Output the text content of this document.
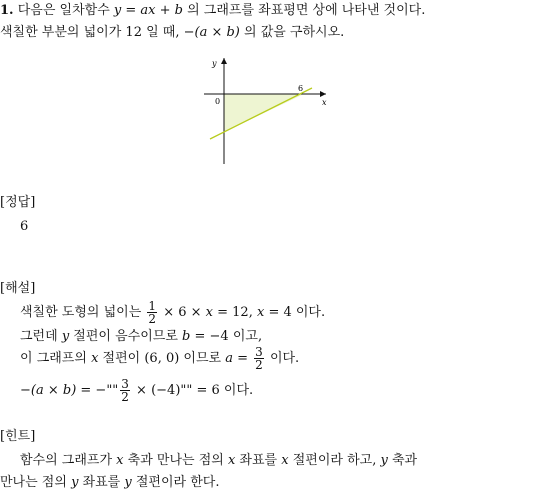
1. 다음은 일차함수 y = ax + b 의 그래프를 좌표평면 상에 나타낸 것이다.
색칠한 부분의 넓이가 12 일 때, −(a × b) 의 값을 구하시오.
y
x
0
6
[정답]
6
[해설]
색칠한 도형의 넓이는 $\frac{1}{2} \times 6 \times x = 12$, x = 4 이다.
그런데 y 절편이 음수이므로 b = −4 이고,
이 그래프의 x 절편이 (6, 0) 이므로 $a = \frac{3}{2}$ 이다.
−(a × b) = −"" $\frac{3}{2} \times (-4)$"" = 6 이다.
[힌트]
함수의 그래프가 x 축과 만나는 점의 x 좌표를 x 절편이라 하고, y 축과
만나는 점의 y 좌표를 y 절편이라 한다.
